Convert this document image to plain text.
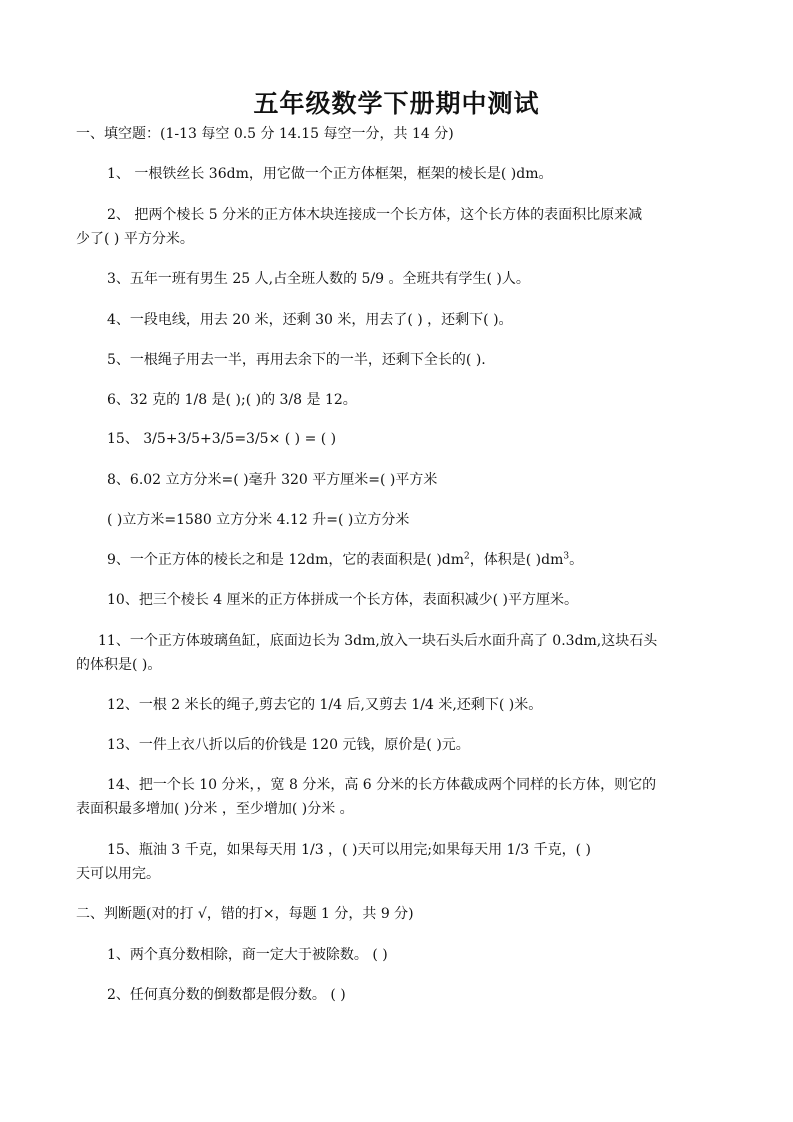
五年级数学下册期中测试
一、填空题：(1-13 每空 0.5 分 14.15 每空一分，共 14 分)
1、 一根铁丝长 36dm，用它做一个正方体框架，框架的棱长是( )dm。
2、 把两个棱长 5 分米的正方体木块连接成一个长方体，这个长方体的表面积比原来减
少了( ) 平方分米。
3、五年一班有男生 25 人,占全班人数的 5/9 。全班共有学生( )人。
4、一段电线，用去 20 米，还剩 30 米，用去了( ) ，还剩下( )。
5、一根绳子用去一半，再用去余下的一半，还剩下全长的( ).
6、32 克的 1/8 是( );( )的 3/8 是 12。
15、 3/5+3/5+3/5=3/5× ( ) = ( )
8、6.02 立方分米=( )毫升 320 平方厘米=( )平方米
( )立方米=1580 立方分米 4.12 升=( )立方分米
9、一个正方体的棱长之和是 12dm，它的表面积是( )$dm^2$，体积是( )$dm^3$。
10、把三个棱长 4 厘米的正方体拼成一个长方体，表面积减少( )平方厘米。
11、一个正方体玻璃鱼缸，底面边长为 3dm,放入一块石头后水面升高了 0.3dm,这块石头
的体积是( )。
12、一根 2 米长的绳子,剪去它的 1/4 后,又剪去 1/4 米,还剩下( )米。
13、一件上衣八折以后的价钱是 120 元钱，原价是( )元。
14、把一个长 10 分米，，宽 8 分米，高 6 分米的长方体截成两个同样的长方体，则它的
表面积最多增加( )分米 ，至少增加( )分米 。
15、瓶油 3 千克，如果每天用 1/3 ，( )天可以用完;如果每天用 1/3 千克，( )
天可以用完。
二、判断题(对的打 √，错的打×，每题 1 分，共 9 分)
1、两个真分数相除，商一定大于被除数。 ( )
2、任何真分数的倒数都是假分数。 ( )
